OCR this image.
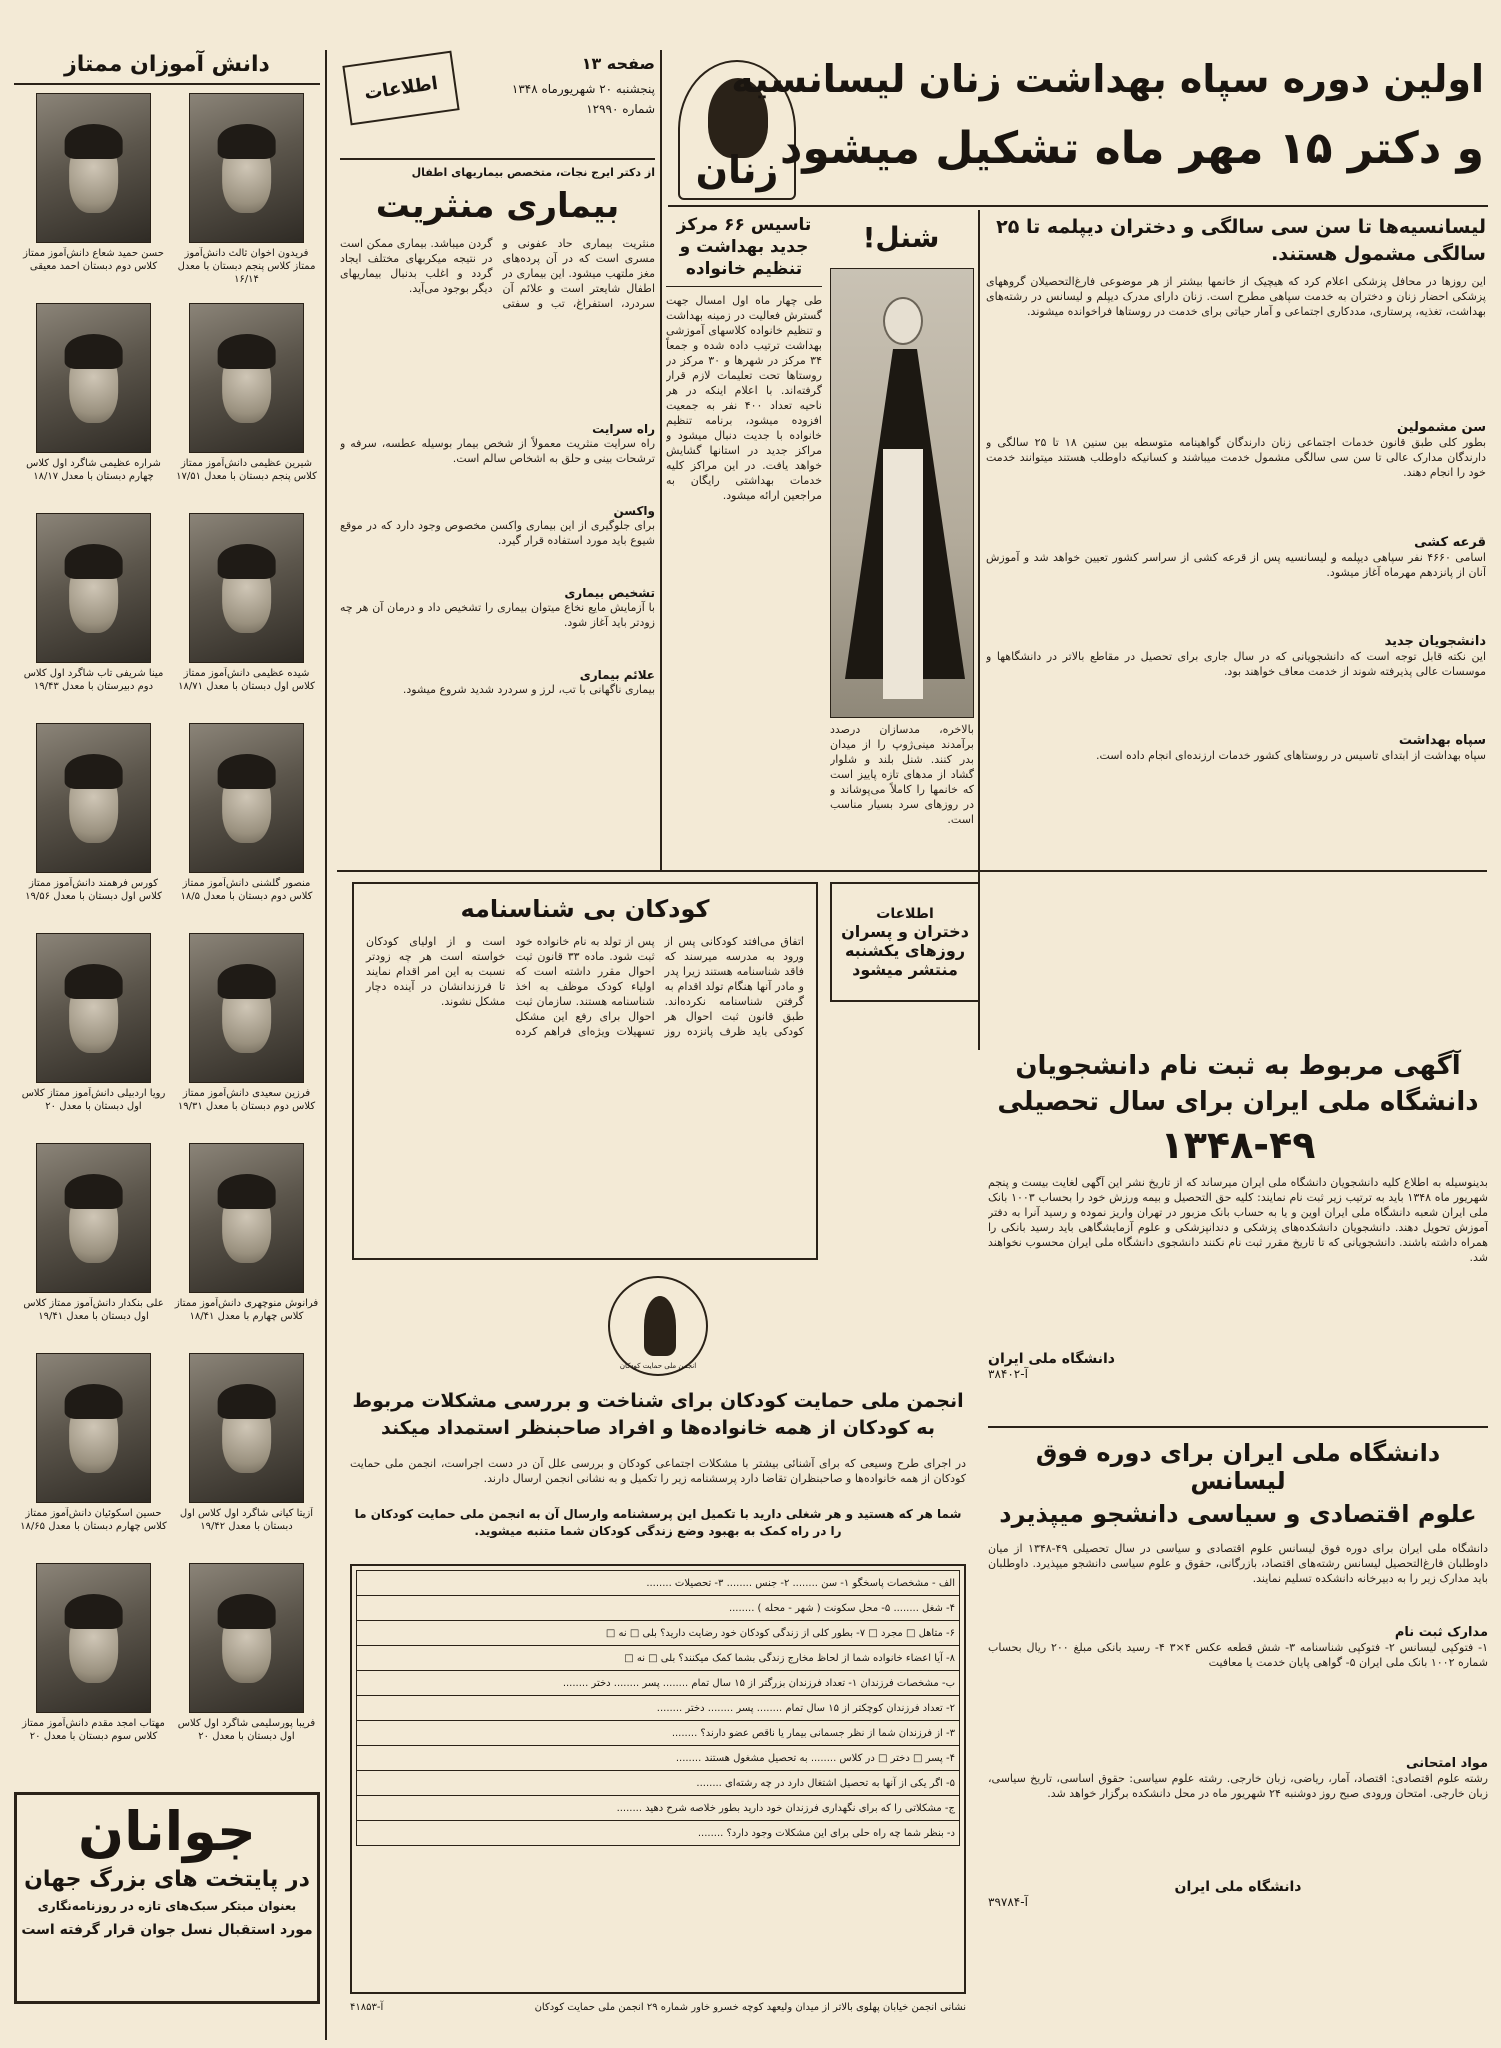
صفحه ۱۳
پنجشنبه ۲۰ شهریورماه ۱۳۴۸
شماره ۱۲۹۹۰
اطلاعات
زنان
اولین دوره سپاه بهداشت زنان لیسانسیه
و دکتر ۱۵ مهر ماه تشکیل میشود
لیسانسیه‌ها تا سن سی سالگی و دختران دیپلمه تا ۲۵ سالگی مشمول هستند.
این روزها در محافل پزشکی اعلام کرد که هیچیک از خانمها بیشتر از هر موضوعی فارغ‌التحصیلان گروههای پزشکی احضار زنان و دختران به خدمت سپاهی مطرح است. زنان دارای مدرک دیپلم و لیسانس در رشته‌های بهداشت، تغذیه، پرستاری، مددکاری اجتماعی و آمار حیاتی برای خدمت در روستاها فراخوانده میشوند.
سن مشمولین
بطور کلی طبق قانون خدمات اجتماعی زنان دارندگان گواهینامه متوسطه بین سنین ۱۸ تا ۲۵ سالگی و دارندگان مدارک عالی تا سن سی سالگی مشمول خدمت میباشند و کسانیکه داوطلب هستند میتوانند خدمت خود را انجام دهند.
قرعه کشی
اسامی ۴۶۶۰ نفر سپاهی دیپلمه و لیسانسیه پس از قرعه کشی از سراسر کشور تعیین خواهد شد و آموزش آنان از پانزدهم مهرماه آغاز میشود.
دانشجویان جدید
این نکته قابل توجه است که دانشجویانی که در سال جاری برای تحصیل در مقاطع بالاتر در دانشگاهها و موسسات عالی پذیرفته شوند از خدمت معاف خواهند بود.
سپاه بهداشت
سپاه بهداشت از ابتدای تاسیس در روستاهای کشور خدمات ارزنده‌ای انجام داده است.
شنل!
بالاخره، مدسازان درصدد برآمدند مینی‌ژوپ را از میدان بدر کنند. شنل بلند و شلوار گشاد از مدهای تازه پاییز است که خانمها را کاملاً می‌پوشاند و در روزهای سرد بسیار مناسب است.
تاسیس ۶۶ مرکز جدید بهداشت و تنظیم خانواده
طی چهار ماه اول امسال جهت گسترش فعالیت در زمینه بهداشت و تنظیم خانواده کلاسهای آموزشی بهداشت ترتیب داده شده و جمعاً ۳۴ مرکز در شهرها و ۳۰ مرکز در روستاها تحت تعلیمات لازم قرار گرفته‌اند. با اعلام اینکه در هر ناحیه تعداد ۴۰۰ نفر به جمعیت افزوده میشود، برنامه تنظیم خانواده با جدیت دنبال میشود و مراکز جدید در استانها گشایش خواهد یافت. در این مراکز کلیه خدمات بهداشتی رایگان به مراجعین ارائه میشود.
از دکتر ایرج نجات، متخصص بیماریهای اطفال
بیماری منثریت
منثریت بیماری حاد عفونی و مسری است که در آن پرده‌های مغز ملتهب میشود. این بیماری در اطفال شایعتر است و علائم آن سردرد، استفراغ، تب و سفتی گردن میباشد. بیماری ممکن است در نتیجه میکربهای مختلف ایجاد گردد و اغلب بدنبال بیماریهای دیگر بوجود می‌آید.
راه سرایت
راه سرایت منثریت معمولاً از شخص بیمار بوسیله عطسه، سرفه و ترشحات بینی و حلق به اشخاص سالم است.
واکسن
برای جلوگیری از این بیماری واکسن مخصوص وجود دارد که در موقع شیوع باید مورد استفاده قرار گیرد.
تشخیص بیماری
با آزمایش مایع نخاع میتوان بیماری را تشخیص داد و درمان آن هر چه زودتر باید آغاز شود.
علائم بیماری
بیماری ناگهانی با تب، لرز و سردرد شدید شروع میشود.
اطلاعات
دختران و پسران
روزهای یکشنبه
منتشر میشود
کودکان بی شناسنامه
اتفاق می‌افتد کودکانی پس از ورود به مدرسه میرسند که فاقد شناسنامه هستند زیرا پدر و مادر آنها هنگام تولد اقدام به گرفتن شناسنامه نکرده‌اند. طبق قانون ثبت احوال هر کودکی باید ظرف پانزده روز پس از تولد به نام خانواده خود ثبت شود. ماده ۳۳ قانون ثبت احوال مقرر داشته است که اولیاء کودک موظف به اخذ شناسنامه هستند. سازمان ثبت احوال برای رفع این مشکل تسهیلات ویژه‌ای فراهم کرده است و از اولیای کودکان خواسته است هر چه زودتر نسبت به این امر اقدام نمایند تا فرزندانشان در آینده دچار مشکل نشوند.
آگهی مربوط به ثبت نام دانشجویان
دانشگاه ملی ایران برای سال تحصیلی
۱۳۴۸-۴۹
بدینوسیله به اطلاع کلیه دانشجویان دانشگاه ملی ایران میرساند که از تاریخ نشر این آگهی لغایت بیست و پنجم شهریور ماه ۱۳۴۸ باید به ترتیب زیر ثبت نام نمایند: کلیه حق التحصیل و بیمه ورزش خود را بحساب ۱۰۰۳ بانک ملی ایران شعبه دانشگاه ملی ایران اوین و یا به حساب بانک مزبور در تهران واریز نموده و رسید آنرا به دفتر آموزش تحویل دهند. دانشجویان دانشکده‌های پزشکی و دندانپزشکی و علوم آزمایشگاهی باید رسید بانکی را همراه داشته باشند. دانشجویانی که تا تاریخ مقرر ثبت نام نکنند دانشجوی دانشگاه ملی ایران محسوب نخواهند شد.
دانشگاه ملی ایران
آ-۳۸۴۰۲
دانشگاه ملی ایران برای دوره فوق لیسانس
علوم اقتصادی و سیاسی دانشجو میپذیرد
دانشگاه ملی ایران برای دوره فوق لیسانس علوم اقتصادی و سیاسی در سال تحصیلی ۴۹-۱۳۴۸ از میان داوطلبان فارغ‌التحصیل لیسانس رشته‌های اقتصاد، بازرگانی، حقوق و علوم سیاسی دانشجو میپذیرد. داوطلبان باید مدارک زیر را به دبیرخانه دانشکده تسلیم نمایند.
مدارک ثبت نام
۱- فتوکپی لیسانس ۲- فتوکپی شناسنامه ۳- شش قطعه عکس ۴×۳ ۴- رسید بانکی مبلغ ۲۰۰ ریال بحساب شماره ۱۰۰۲ بانک ملی ایران ۵- گواهی پایان خدمت یا معافیت
مواد امتحانی
رشته علوم اقتصادی: اقتصاد، آمار، ریاضی، زبان خارجی. رشته علوم سیاسی: حقوق اساسی، تاریخ سیاسی، زبان خارجی. امتحان ورودی صبح روز دوشنبه ۲۴ شهریور ماه در محل دانشکده برگزار خواهد شد.
دانشگاه ملی ایران
آ-۳۹۷۸۴
انجمن ملی حمایت کودکان
انجمن ملی حمایت کودکان برای شناخت و بررسی مشکلات مربوط به کودکان از همه خانواده‌ها و افراد صاحبنظر استمداد میکند
در اجرای طرح وسیعی که برای آشنائی بیشتر با مشکلات اجتماعی کودکان و بررسی علل آن در دست اجراست، انجمن ملی حمایت کودکان از همه خانواده‌ها و صاحبنظران تقاضا دارد پرسشنامه زیر را تکمیل و به نشانی انجمن ارسال دارند.
شما هر که هستید و هر شغلی دارید با تکمیل این پرسشنامه وارسال آن به انجمن ملی حمایت کودکان ما را در راه کمک به بهبود وضع زندگی کودکان شما متنبه میشوید.
الف - مشخصات پاسخگو ۱- سن ........ ۲- جنس ........ ۳- تحصیلات ........
۴- شغل ........ ۵- محل سکونت ( شهر - محله ) ........
۶- متاهل □ مجرد □ ۷- بطور کلی از زندگی کودکان خود رضایت دارید؟ بلی □ نه □
۸- آیا اعضاء خانواده شما از لحاظ مخارج زندگی بشما کمک میکنند؟ بلی □ نه □
ب- مشخصات فرزندان ۱- تعداد فرزندان بزرگتر از ۱۵ سال تمام ........ پسر ........ دختر ........
۲- تعداد فرزندان کوچکتر از ۱۵ سال تمام ........ پسر ........ دختر ........
۳- از فرزندان شما از نظر جسمانی بیمار یا ناقص عضو دارند؟ ........
۴- پسر □ دختر □ در کلاس ........ به تحصیل مشغول هستند ........
۵- اگر یکی از آنها به تحصیل اشتغال دارد در چه رشته‌ای ........
ج- مشکلاتی را که برای نگهداری فرزندان خود دارید بطور خلاصه شرح دهید ........
د- بنظر شما چه راه حلی برای این مشکلات وجود دارد؟ ........
نشانی انجمن خیابان پهلوی بالاتر از میدان ولیعهد کوچه خسرو خاور شماره ۲۹ انجمن ملی حمایت کودکان
آ-۴۱۸۵۳
دانش آموزان ممتاز
فریدون اخوان ثالث دانش‌آموز ممتاز کلاس پنجم دبستان با معدل ۱۶/۱۴
حسن حمید شعاع دانش‌آموز ممتاز کلاس دوم دبستان احمد معیقی
شیرین عظیمی دانش‌آموز ممتاز کلاس پنجم دبستان با معدل ۱۷/۵۱
شراره عظیمی شاگرد اول کلاس چهارم دبستان با معدل ۱۸/۱۷
شیده عظیمی دانش‌آموز ممتاز کلاس اول دبستان با معدل ۱۸/۷۱
مینا شریفی تاب شاگرد اول کلاس دوم دبیرستان با معدل ۱۹/۴۳
منصور گلشنی دانش‌آموز ممتاز کلاس دوم دبستان با معدل ۱۸/۵
کورس فرهمند دانش‌آموز ممتاز کلاس اول دبستان با معدل ۱۹/۵۶
فرزین سعیدی دانش‌آموز ممتاز کلاس دوم دبستان با معدل ۱۹/۳۱
رویا اردبیلی دانش‌آموز ممتاز کلاس اول دبستان با معدل ۲۰
فرانوش منوچهری دانش‌آموز ممتاز کلاس چهارم با معدل ۱۸/۴۱
علی بنکدار دانش‌آموز ممتاز کلاس اول دبستان با معدل ۱۹/۴۱
آزیتا کیانی شاگرد اول کلاس اول دبستان با معدل ۱۹/۴۲
حسین اسکوئیان دانش‌آموز ممتاز کلاس چهارم دبستان با معدل ۱۸/۶۵
فریبا پورسلیمی شاگرد اول کلاس اول دبستان با معدل ۲۰
مهتاب امجد مقدم دانش‌آموز ممتاز کلاس سوم دبستان با معدل ۲۰
جوانان
در پایتخت های بزرگ جهان
بعنوان مبتکر سبک‌های تازه در روزنامه‌نگاری
مورد استقبال نسل جوان قرار گرفته است
